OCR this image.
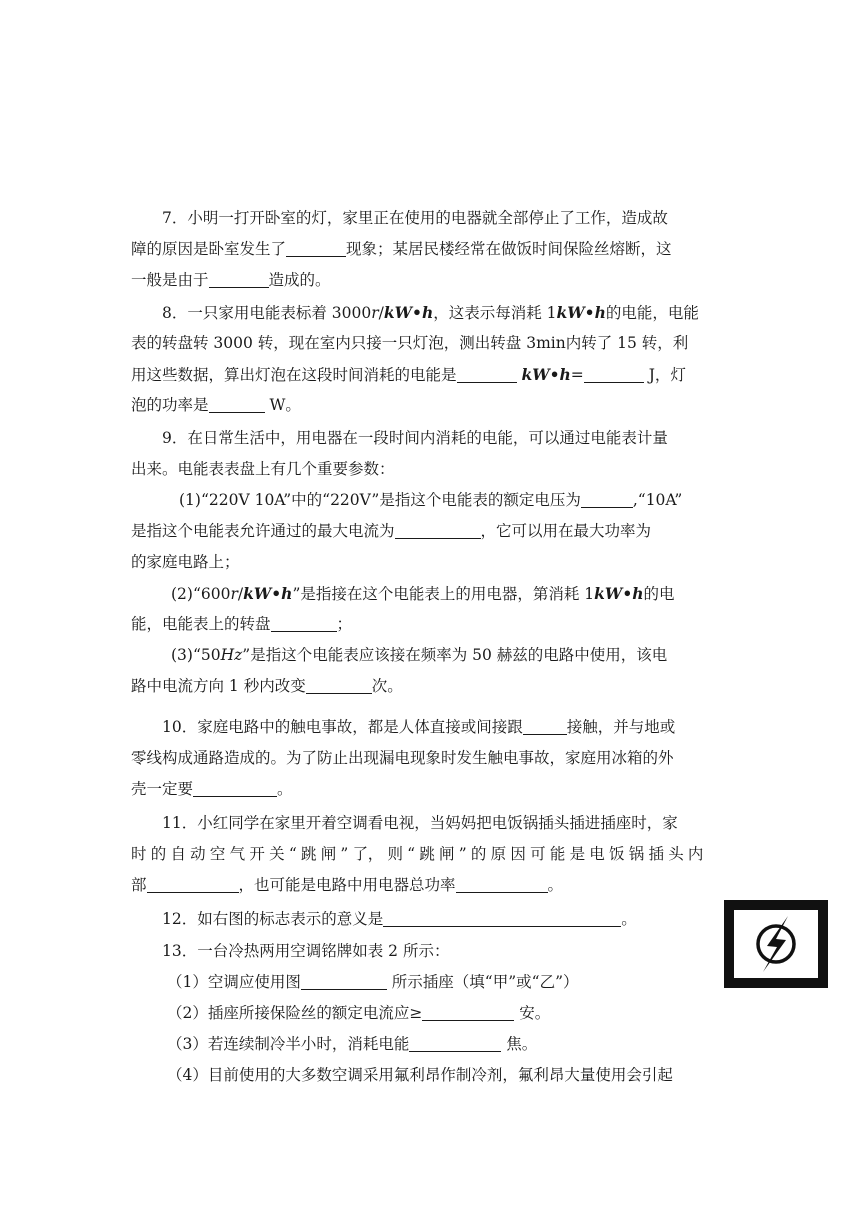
7．小明一打开卧室的灯，家里正在使用的电器就全部停止了工作，造成故
障的原因是卧室发生了	现象；某居民楼经常在做饭时间保险丝熔断，这
一般是由于	造成的。
8．一只家用电能表标着 3000r/kW•h，这表示每消耗 1kW•h的电能，电能
表的转盘转 3000 转，现在室内只接一只灯泡，测出转盘 3min内转了 15 转，利
用这些数据，算出灯泡在这段时间消耗的电能是	kW•h=	J，灯
泡的功率是	W。
9．在日常生活中，用电器在一段时间内消耗的电能，可以通过电能表计量
出来。电能表表盘上有几个重要参数：
(1)“220V 10A”中的“220V”是指这个电能表的额定电压为	,“10A”
是指这个电能表允许通过的最大电流为	，它可以用在最大功率为
的家庭电路上；
(2)“600r/kW•h”是指接在这个电能表上的用电器，第消耗 1kW•h的电
能，电能表上的转盘	；
(3)“50Hz”是指这个电能表应该接在频率为 50 赫兹的电路中使用，该电
路中电流方向 1 秒内改变	次。
10．家庭电路中的触电事故，都是人体直接或间接跟	接触，并与地或
零线构成通路造成的。为了防止出现漏电现象时发生触电事故，家庭用冰箱的外
壳一定要	。
11．小红同学在家里开着空调看电视，当妈妈把电饭锅插头插进插座时，家
时 的 自 动 空 气 开 关 “ 跳 闸 ” 了， 则 “ 跳 闸 ” 的 原 因 可 能 是 电 饭 锅 插 头 内
部	，也可能是电路中用电器总功率	。
12．如右图的标志表示的意义是	。
13．一台冷热两用空调铭牌如表 2 所示：
（1）空调应使用图	所示插座（填“甲”或“乙”）
（2）插座所接保险丝的额定电流应≥	安。
（3）若连续制冷半小时，消耗电能	焦。
（4）目前使用的大多数空调采用氟利昂作制冷剂，氟利昂大量使用会引起
